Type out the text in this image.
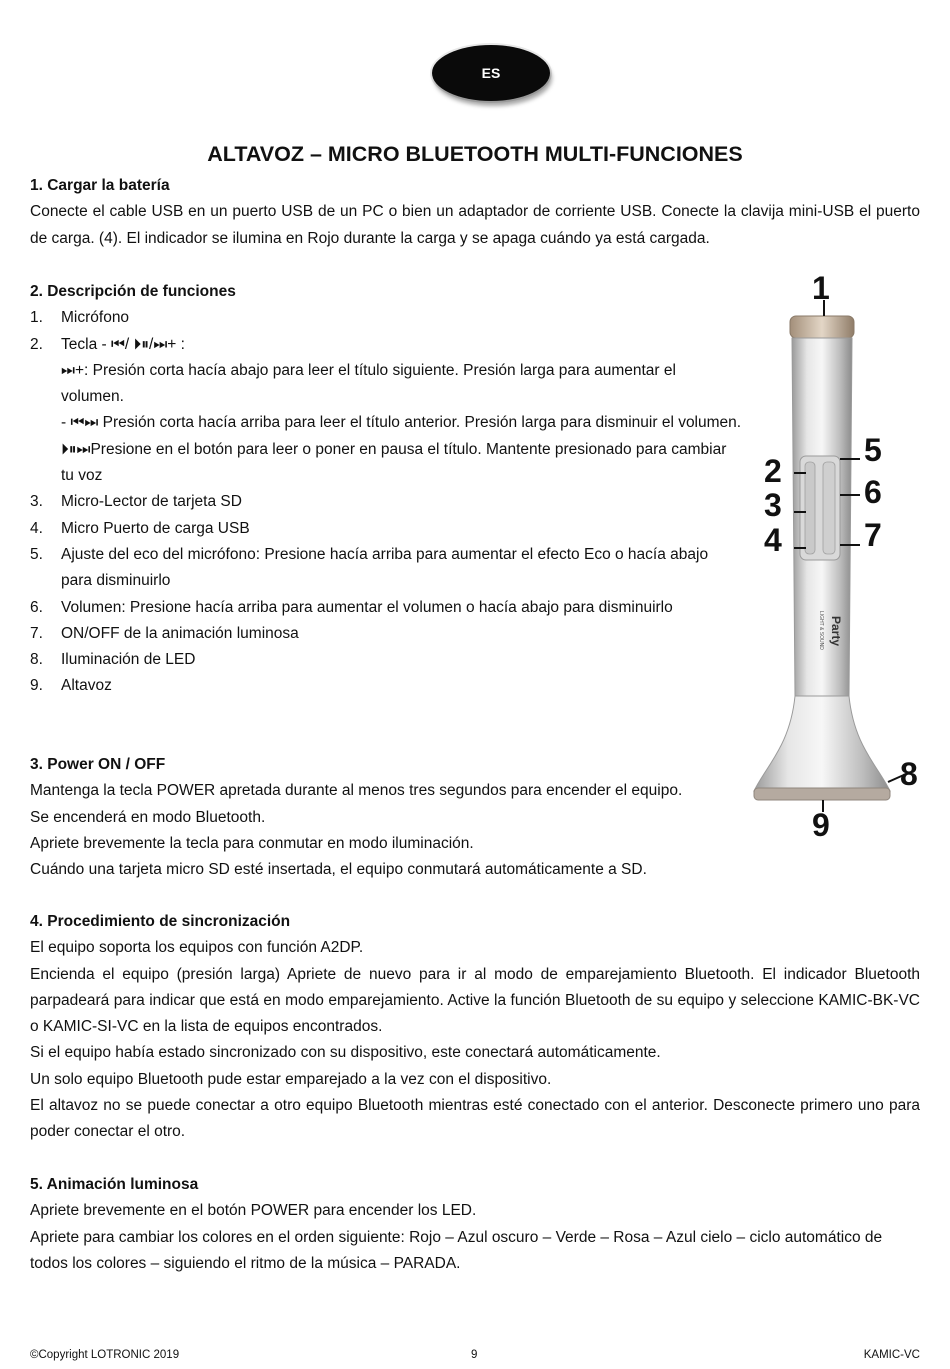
ES
ALTAVOZ – MICRO BLUETOOTH MULTI-FUNCIONES
1. Cargar la batería

Conecte el cable USB en un puerto USB de un PC o bien un adaptador de corriente USB. Conecte la clavija mini-USB el puerto de carga. (4). El indicador se ilumina en Rojo durante la carga y se apaga cuándo ya está cargada.

2. Descripción de funciones
1. Micrófono
2. Tecla - ⏮/ ⏵⏸/⏭+ :
⏭+: Presión corta hacía abajo para leer el título siguiente. Presión larga para aumentar el volumen.
- ⏮⏭ Presión corta hacía arriba para leer el título anterior. Presión larga para disminuir el volumen.
⏵⏸⏭Presione en el botón para leer o poner en pausa el título. Mantente presionado para cambiar tu voz
3. Micro-Lector de tarjeta SD
4. Micro Puerto de carga USB
5. Ajuste del eco del micrófono: Presione hacía arriba para aumentar el efecto Eco o hacía abajo para disminuirlo
6. Volumen: Presione hacía arriba para aumentar el volumen o hacía abajo para disminuirlo
7. ON/OFF de la animación luminosa
8. Iluminación de LED
9. Altavoz
3. Power ON / OFF
Mantenga la tecla POWER apretada durante al menos tres segundos para encender el equipo.
Se encenderá en modo Bluetooth.
Apriete brevemente la tecla para conmutar en modo iluminación.
Cuándo una tarjeta micro SD esté insertada, el equipo conmutará automáticamente a SD.
4. Procedimiento de sincronización
El equipo soporta los equipos con función A2DP.
Encienda el equipo (presión larga) Apriete de nuevo para ir al modo de emparejamiento Bluetooth. El indicador Bluetooth parpadeará para indicar que está en modo emparejamiento. Active la función Bluetooth de su equipo y seleccione KAMIC-BK-VC o KAMIC-SI-VC en la lista de equipos encontrados.
Si el equipo había estado sincronizado con su dispositivo, este conectará automáticamente.
Un solo equipo Bluetooth pude estar emparejado a la vez con el dispositivo.
El altavoz no se puede conectar a otro equipo Bluetooth mientras esté conectado con el anterior. Desconecte primero uno para poder conectar el otro.
5. Animación luminosa
Apriete brevemente en el botón POWER para encender los LED.
Apriete para cambiar los colores en el orden siguiente: Rojo – Azul oscuro – Verde – Rosa – Azul cielo – ciclo automático de todos los colores – siguiendo el ritmo de la música – PARADA.
Party
LIGHT & SOUND
1
2
3
4
5
6
7
8
9
©Copyright LOTRONIC 2019	9	KAMIC-VC
